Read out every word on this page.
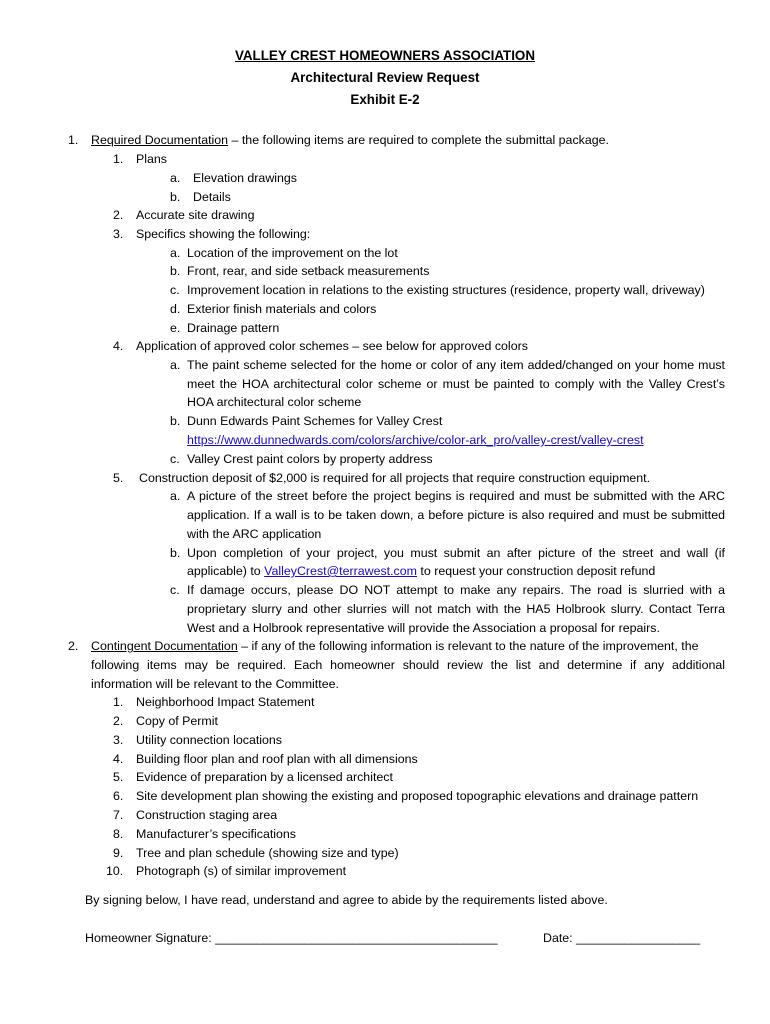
VALLEY CREST HOMEOWNERS ASSOCIATION
Architectural Review Request
Exhibit E-2
1. Required Documentation – the following items are required to complete the submittal package.
1. Plans
a. Elevation drawings
b. Details
2. Accurate site drawing
3. Specifics showing the following:
a. Location of the improvement on the lot
b. Front, rear, and side setback measurements
c. Improvement location in relations to the existing structures (residence, property wall, driveway)
d. Exterior finish materials and colors
e. Drainage pattern
4. Application of approved color schemes – see below for approved colors
a. The paint scheme selected for the home or color of any item added/changed on your home must
meet the HOA architectural color scheme or must be painted to comply with the Valley Crest’s
HOA architectural color scheme
b. Dunn Edwards Paint Schemes for Valley Crest
https://www.dunnedwards.com/colors/archive/color-ark_pro/valley-crest/valley-crest
c. Valley Crest paint colors by property address
5. Construction deposit of $2,000 is required for all projects that require construction equipment.
a. A picture of the street before the project begins is required and must be submitted with the ARC
application. If a wall is to be taken down, a before picture is also required and must be submitted
with the ARC application
b. Upon completion of your project, you must submit an after picture of the street and wall (if
applicable) to ValleyCrest@terrawest.com to request your construction deposit refund
c. If damage occurs, please DO NOT attempt to make any repairs. The road is slurried with a
proprietary slurry and other slurries will not match with the HA5 Holbrook slurry. Contact Terra
West and a Holbrook representative will provide the Association a proposal for repairs.
2. Contingent Documentation – if any of the following information is relevant to the nature of the improvement, the
following items may be required. Each homeowner should review the list and determine if any additional
information will be relevant to the Committee.
1. Neighborhood Impact Statement
2. Copy of Permit
3. Utility connection locations
4. Building floor plan and roof plan with all dimensions
5. Evidence of preparation by a licensed architect
6. Site development plan showing the existing and proposed topographic elevations and drainage pattern
7. Construction staging area
8. Manufacturer’s specifications
9. Tree and plan schedule (showing size and type)
10. Photograph (s) of similar improvement
By signing below, I have read, understand and agree to abide by the requirements listed above.
Homeowner Signature: _________________________________________	Date: __________________
